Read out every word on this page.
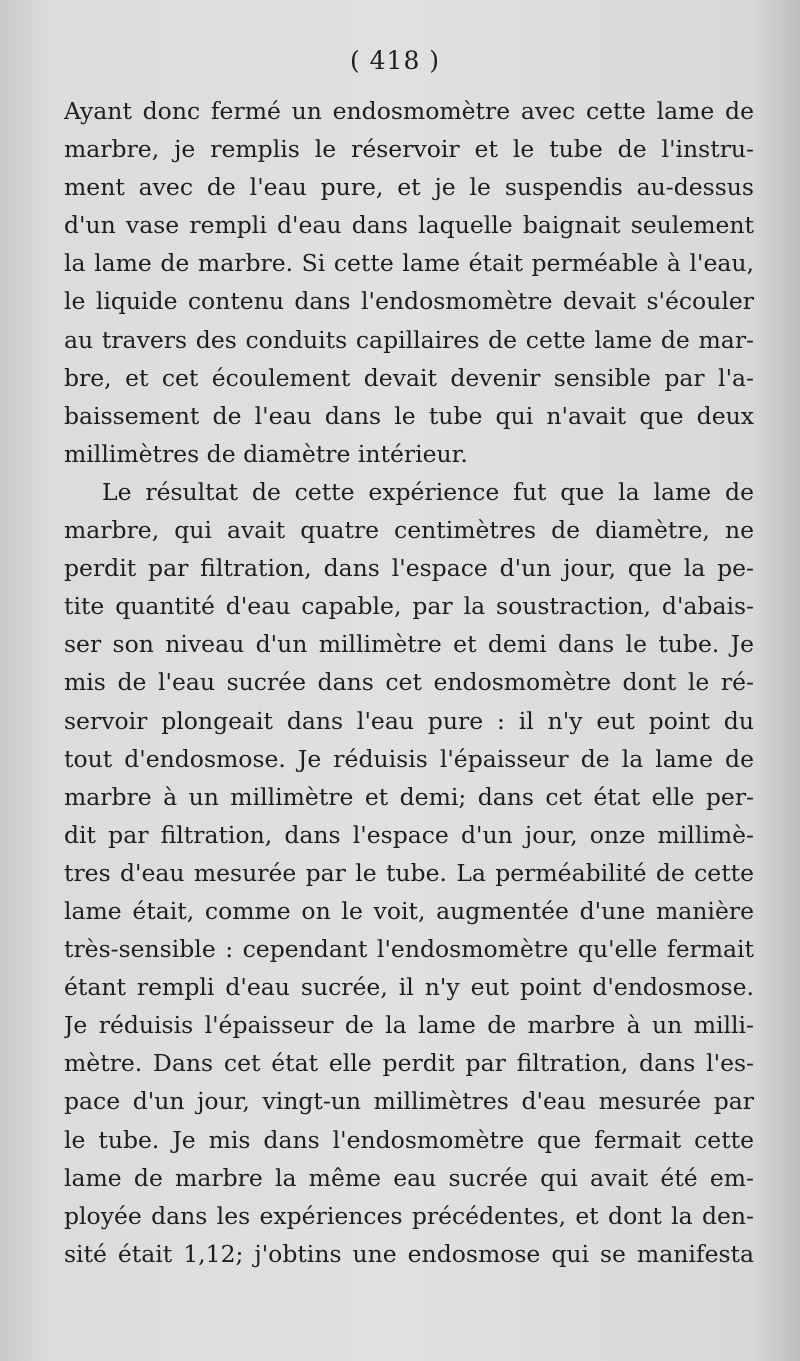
( 418 )
Ayant donc fermé un endosmomètre avec cette lame de
marbre, je remplis le réservoir et le tube de l'instru-
ment avec de l'eau pure, et je le suspendis au-dessus
d'un vase rempli d'eau dans laquelle baignait seulement
la lame de marbre. Si cette lame était perméable à l'eau,
le liquide contenu dans l'endosmomètre devait s'écouler
au travers des conduits capillaires de cette lame de mar-
bre, et cet écoulement devait devenir sensible par l'a-
baissement de l'eau dans le tube qui n'avait que deux
millimètres de diamètre intérieur.
Le résultat de cette expérience fut que la lame de
marbre, qui avait quatre centimètres de diamètre, ne
perdit par filtration, dans l'espace d'un jour, que la pe-
tite quantité d'eau capable, par la soustraction, d'abais-
ser son niveau d'un millimètre et demi dans le tube. Je
mis de l'eau sucrée dans cet endosmomètre dont le ré-
servoir plongeait dans l'eau pure : il n'y eut point du
tout d'endosmose. Je réduisis l'épaisseur de la lame de
marbre à un millimètre et demi; dans cet état elle per-
dit par filtration, dans l'espace d'un jour, onze millimè-
tres d'eau mesurée par le tube. La perméabilité de cette
lame était, comme on le voit, augmentée d'une manière
très-sensible : cependant l'endosmomètre qu'elle fermait
étant rempli d'eau sucrée, il n'y eut point d'endosmose.
Je réduisis l'épaisseur de la lame de marbre à un milli-
mètre. Dans cet état elle perdit par filtration, dans l'es-
pace d'un jour, vingt-un millimètres d'eau mesurée par
le tube. Je mis dans l'endosmomètre que fermait cette
lame de marbre la même eau sucrée qui avait été em-
ployée dans les expériences précédentes, et dont la den-
sité était 1,12; j'obtins une endosmose qui se manifesta
